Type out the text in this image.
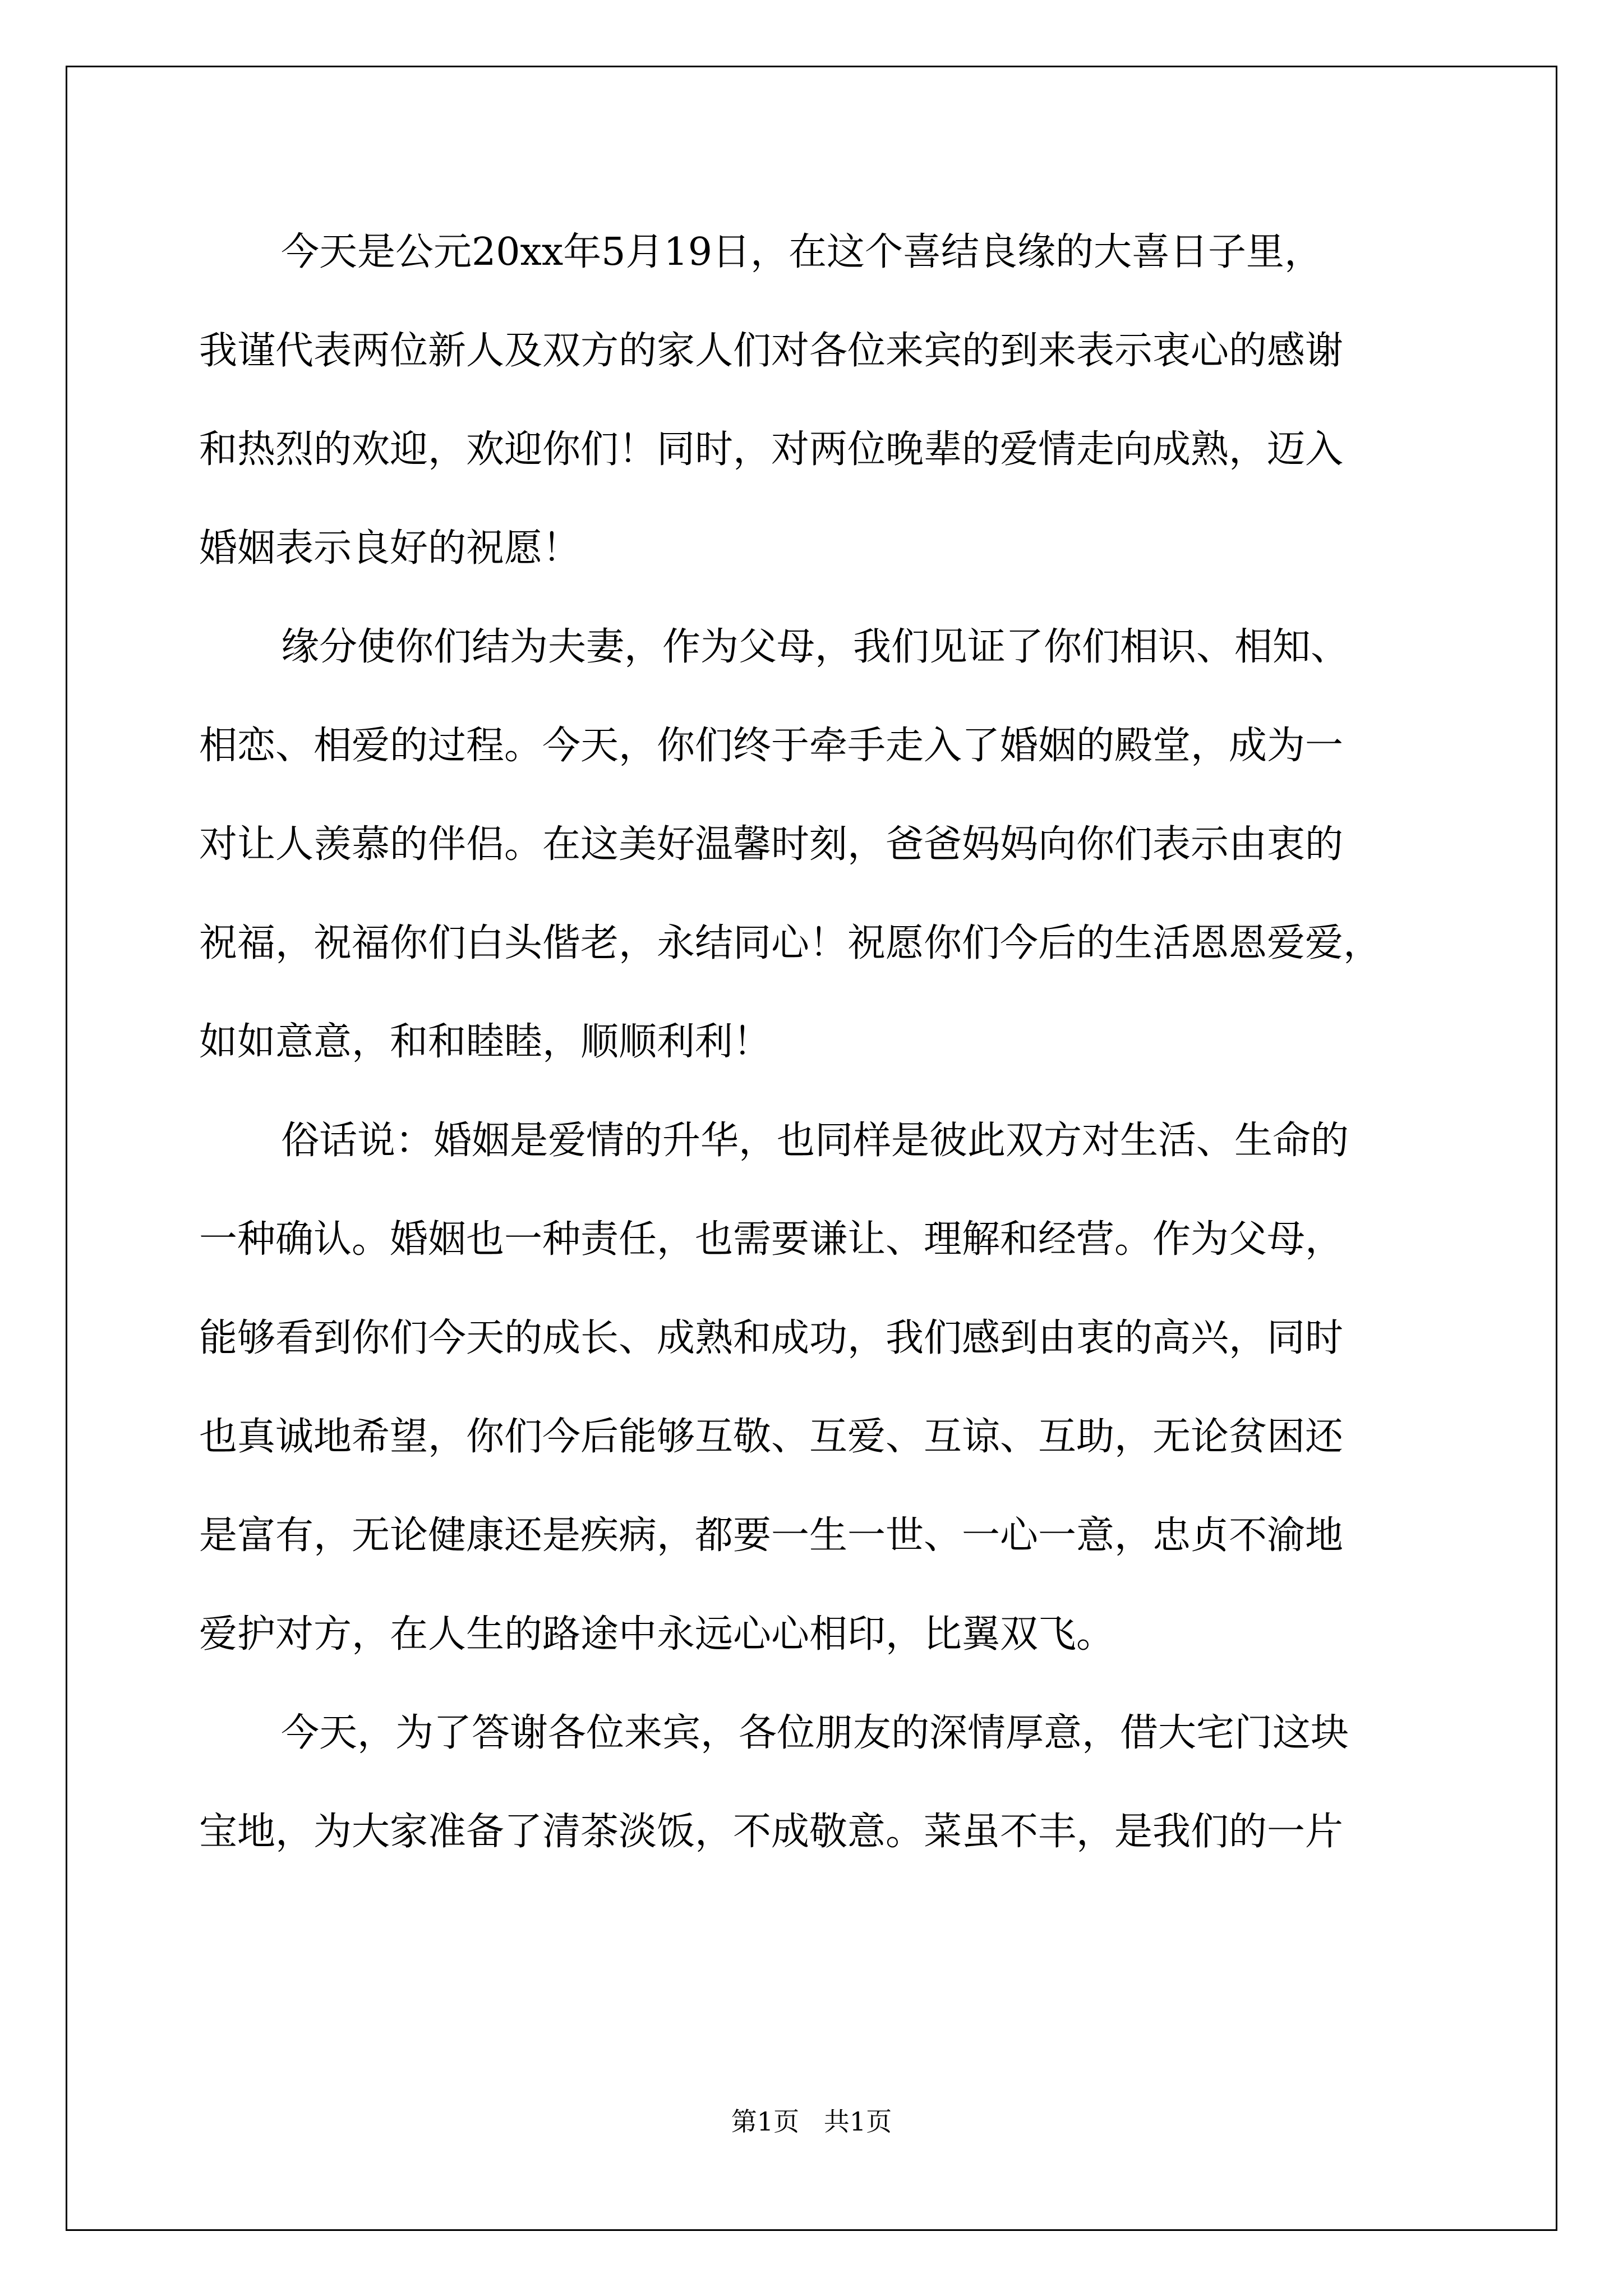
今天是公元20xx年5月19日，在这个喜结良缘的大喜日子里，
我谨代表两位新人及双方的家人们对各位来宾的到来表示衷心的感谢
和热烈的欢迎，欢迎你们！同时，对两位晚辈的爱情走向成熟，迈入
婚姻表示良好的祝愿！
缘分使你们结为夫妻，作为父母，我们见证了你们相识、相知、
相恋、相爱的过程。今天，你们终于牵手走入了婚姻的殿堂，成为一
对让人羡慕的伴侣。在这美好温馨时刻，爸爸妈妈向你们表示由衷的
祝福，祝福你们白头偕老，永结同心！祝愿你们今后的生活恩恩爱爱，
如如意意，和和睦睦，顺顺利利！
俗话说：婚姻是爱情的升华，也同样是彼此双方对生活、生命的
一种确认。婚姻也一种责任，也需要谦让、理解和经营。作为父母，
能够看到你们今天的成长、成熟和成功，我们感到由衷的高兴，同时
也真诚地希望，你们今后能够互敬、互爱、互谅、互助，无论贫困还
是富有，无论健康还是疾病，都要一生一世、一心一意，忠贞不渝地
爱护对方，在人生的路途中永远心心相印，比翼双飞。
今天，为了答谢各位来宾，各位朋友的深情厚意，借大宅门这块
宝地，为大家准备了清茶淡饭，不成敬意。菜虽不丰，是我们的一片
第1页   共1页
